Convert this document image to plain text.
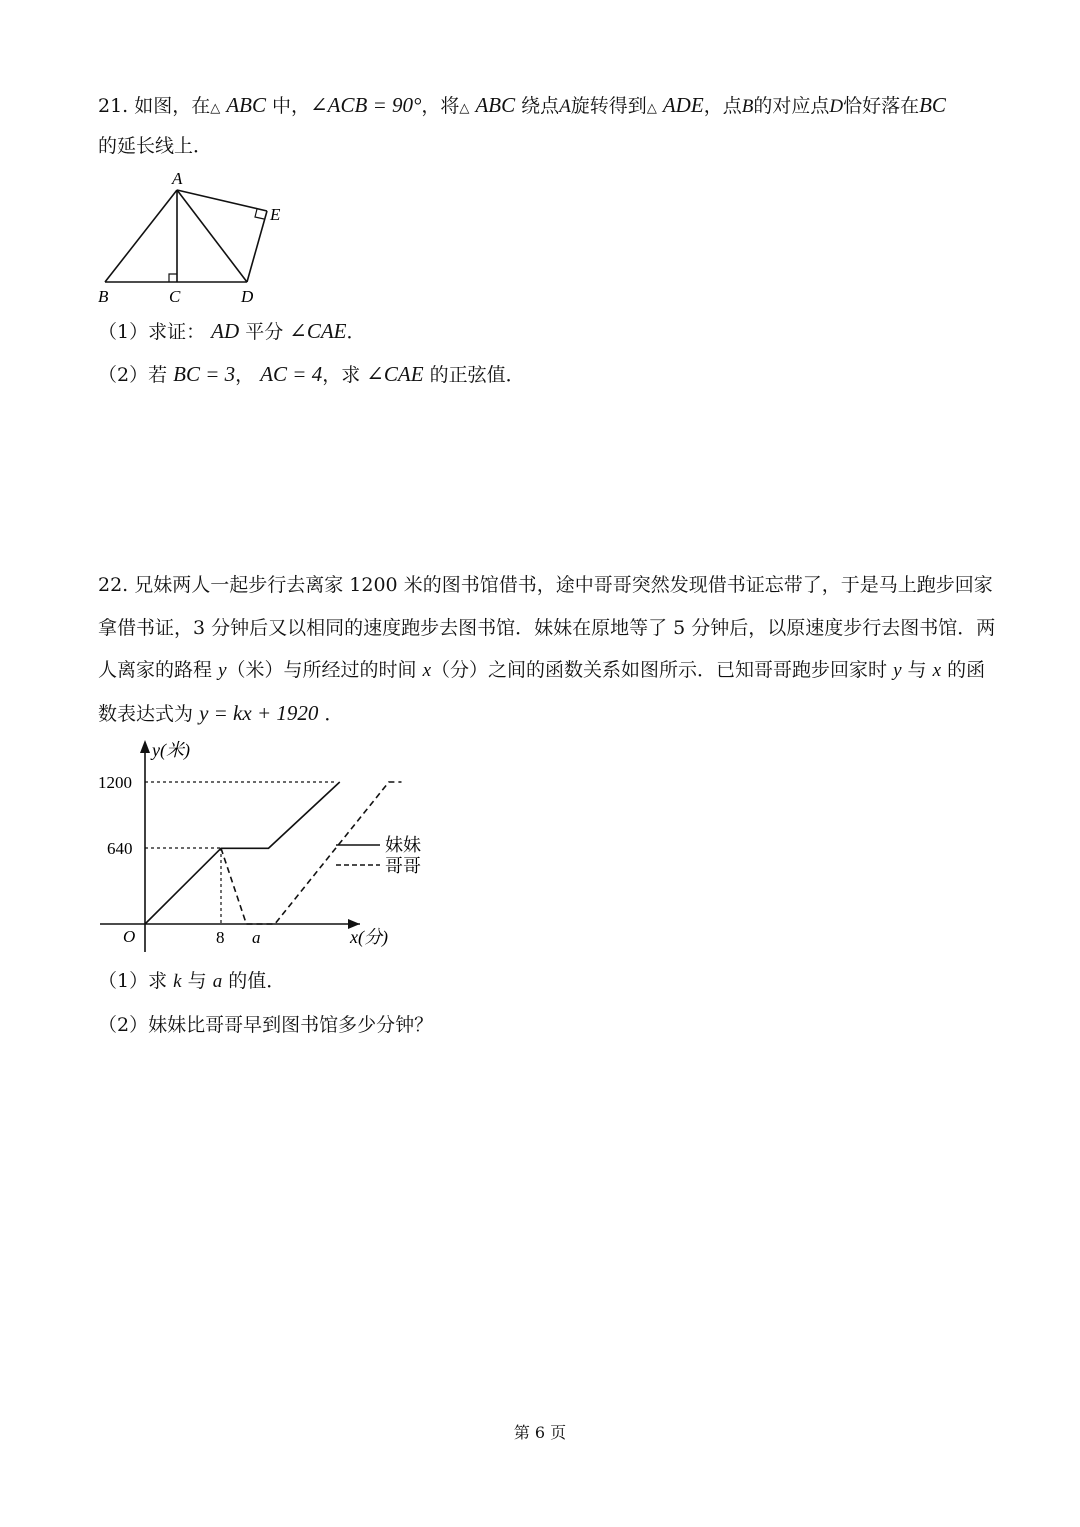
21. 如图，在△ ABC 中，∠ACB = 90°，将△ ABC 绕点A旋转得到△ ADE，点B的对应点D恰好落在BC
的延长线上．
A
B	C	D
E
（1）求证： AD 平分 ∠CAE．
（2）若 BC = 3， AC = 4，求 ∠CAE 的正弦值．
22. 兄妹两人一起步行去离家 1200 米的图书馆借书，途中哥哥突然发现借书证忘带了，于是马上跑步回家
拿借书证，3 分钟后又以相同的速度跑步去图书馆．妹妹在原地等了 5 分钟后，以原速度步行去图书馆．两
人离家的路程 y（米）与所经过的时间 x（分）之间的函数关系如图所示．已知哥哥跑步回家时 y 与 x 的函
数表达式为 y = kx + 1920 ．
妹妹
哥哥
y(米)
x(分)
O
1200
640
8 a
（1）求 k 与 a 的值．
（2）妹妹比哥哥早到图书馆多少分钟？
第 6 页
